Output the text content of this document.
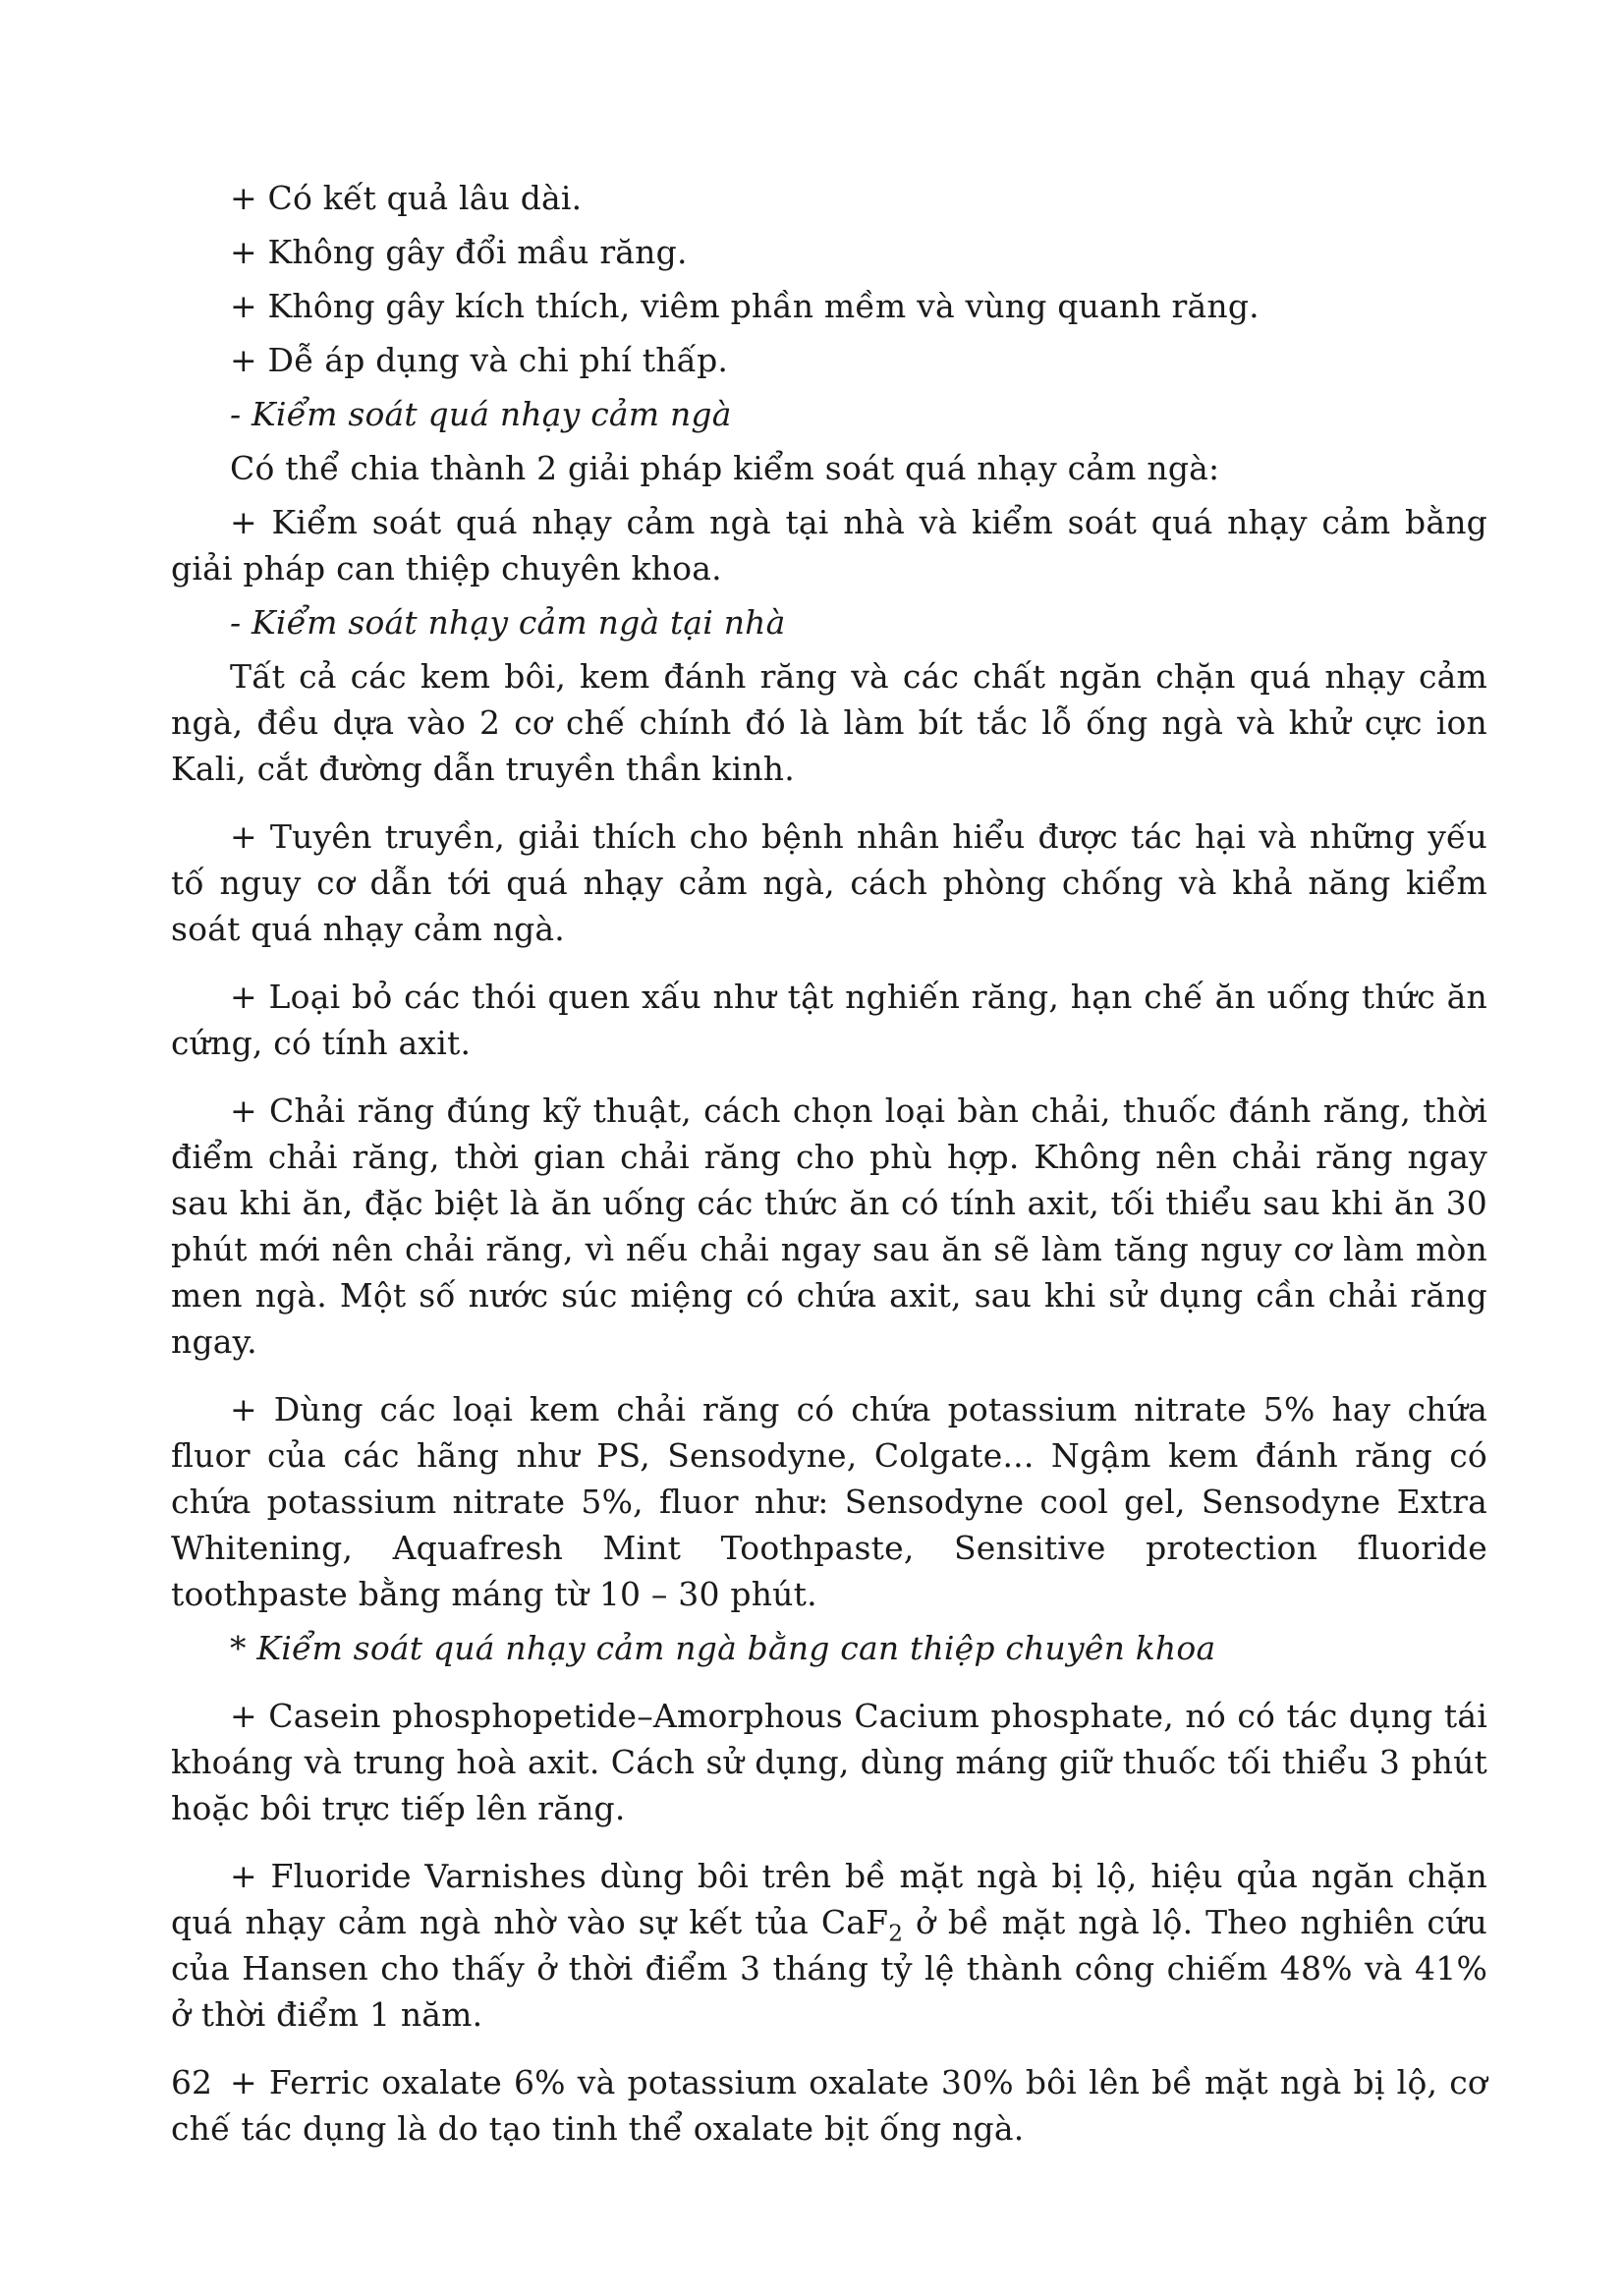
+ Có kết quả lâu dài.

+ Không gây đổi mầu răng.

+ Không gây kích thích, viêm phần mềm và vùng quanh răng.

+ Dễ áp dụng và chi phí thấp.

- Kiểm soát quá nhạy cảm ngà

Có thể chia thành 2 giải pháp kiểm soát quá nhạy cảm ngà:

+ Kiểm soát quá nhạy cảm ngà tại nhà và kiểm soát quá nhạy cảm bằng giải pháp can thiệp chuyên khoa.

- Kiểm soát nhạy cảm ngà tại nhà

Tất cả các kem bôi, kem đánh răng và các chất ngăn chặn quá nhạy cảm ngà, đều dựa vào 2 cơ chế chính đó là làm bít tắc lỗ ống ngà và khử cực ion Kali, cắt đường dẫn truyền thần kinh.

+ Tuyên truyền, giải thích cho bệnh nhân hiểu được tác hại và những yếu tố nguy cơ dẫn tới quá nhạy cảm ngà, cách phòng chống và khả năng kiểm soát quá nhạy cảm ngà.

+ Loại bỏ các thói quen xấu như tật nghiến răng, hạn chế ăn uống thức ăn cứng, có tính axit.

+ Chải răng đúng kỹ thuật, cách chọn loại bàn chải, thuốc đánh răng, thời điểm chải răng, thời gian chải răng cho phù hợp. Không nên chải răng ngay sau khi ăn, đặc biệt là ăn uống các thức ăn có tính axit, tối thiểu sau khi ăn 30 phút mới nên chải răng, vì nếu chải ngay sau ăn sẽ làm tăng nguy cơ làm mòn men ngà. Một số nước súc miệng có chứa axit, sau khi sử dụng cần chải răng ngay.

+ Dùng các loại kem chải răng có chứa potassium nitrate 5% hay chứa fluor của các hãng như PS, Sensodyne, Colgate... Ngậm kem đánh răng có chứa potassium nitrate 5%, fluor như: Sensodyne cool gel, Sensodyne Extra Whitening, Aquafresh Mint Toothpaste, Sensitive protection fluoride toothpaste bằng máng từ 10 – 30 phút.

* Kiểm soát quá nhạy cảm ngà bằng can thiệp chuyên khoa

+ Casein phosphopetide–Amorphous Cacium phosphate, nó có tác dụng tái khoáng và trung hoà axit. Cách sử dụng, dùng máng giữ thuốc tối thiểu 3 phút hoặc bôi trực tiếp lên răng.

+ Fluoride Varnishes dùng bôi trên bề mặt ngà bị lộ, hiệu qủa ngăn chặn quá nhạy cảm ngà nhờ vào sự kết tủa CaF$_2$ ở bề mặt ngà lộ. Theo nghiên cứu của Hansen cho thấy ở thời điểm 3 tháng tỷ lệ thành công chiếm 48% và 41% ở thời điểm 1 năm.

+ Ferric oxalate 6% và potassium oxalate 30% bôi lên bề mặt ngà bị lộ, cơ chế tác dụng là do tạo tinh thể oxalate bịt ống ngà.

62
